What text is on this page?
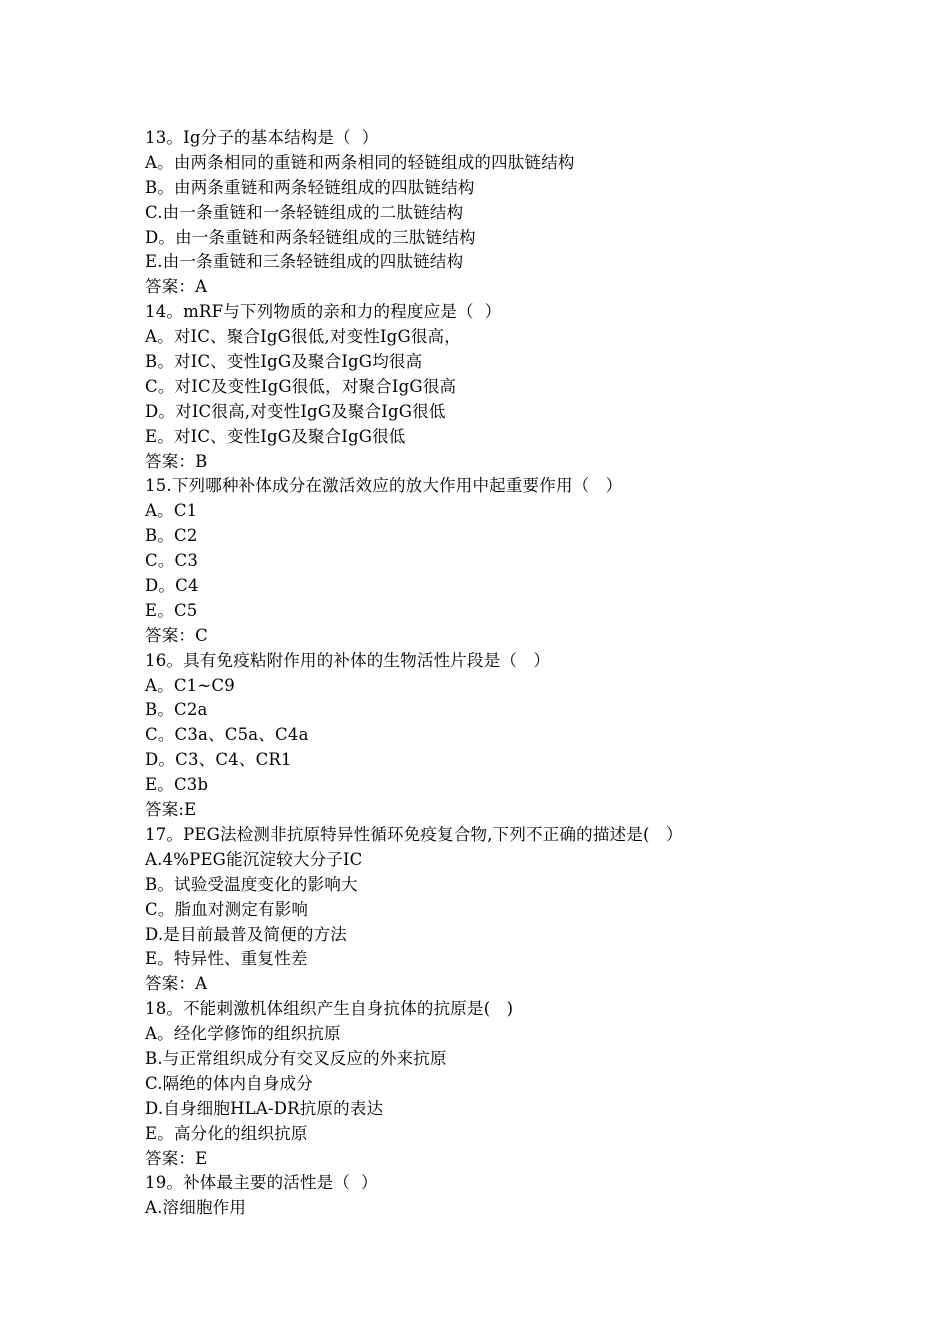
13。Ig分子的基本结构是（  ）
A。由两条相同的重链和两条相同的轻链组成的四肽链结构
B。由两条重链和两条轻链组成的四肽链结构
C.由一条重链和一条轻链组成的二肽链结构
D。由一条重链和两条轻链组成的三肽链结构
E.由一条重链和三条轻链组成的四肽链结构
答案：A
14。mRF与下列物质的亲和力的程度应是（  ）
A。对IC、聚合IgG很低,对变性IgG很高，
B。对IC、变性IgG及聚合IgG均很高
C。对IC及变性IgG很低，对聚合IgG很高
D。对IC很高,对变性IgG及聚合IgG很低
E。对IC、变性IgG及聚合IgG很低
答案：B
15.下列哪种补体成分在激活效应的放大作用中起重要作用（   ）
A。C1
B。C2
C。C3
D。C4
E。C5
答案：C
16。具有免疫粘附作用的补体的生物活性片段是（   ）
A。C1~C9
B。C2a
C。C3a、C5a、C4a
D。C3、C4、CR1
E。C3b
答案:E
17。PEG法检测非抗原特异性循环免疫复合物,下列不正确的描述是(   ）
A.4%PEG能沉淀较大分子IC
B。试验受温度变化的影响大
C。脂血对测定有影响
D.是目前最普及简便的方法
E。特异性、重复性差
答案：A
18。不能刺激机体组织产生自身抗体的抗原是(   )
A。经化学修饰的组织抗原
B.与正常组织成分有交叉反应的外来抗原
C.隔绝的体内自身成分
D.自身细胞HLA-DR抗原的表达
E。高分化的组织抗原
答案：E
19。补体最主要的活性是（  ）
A.溶细胞作用
